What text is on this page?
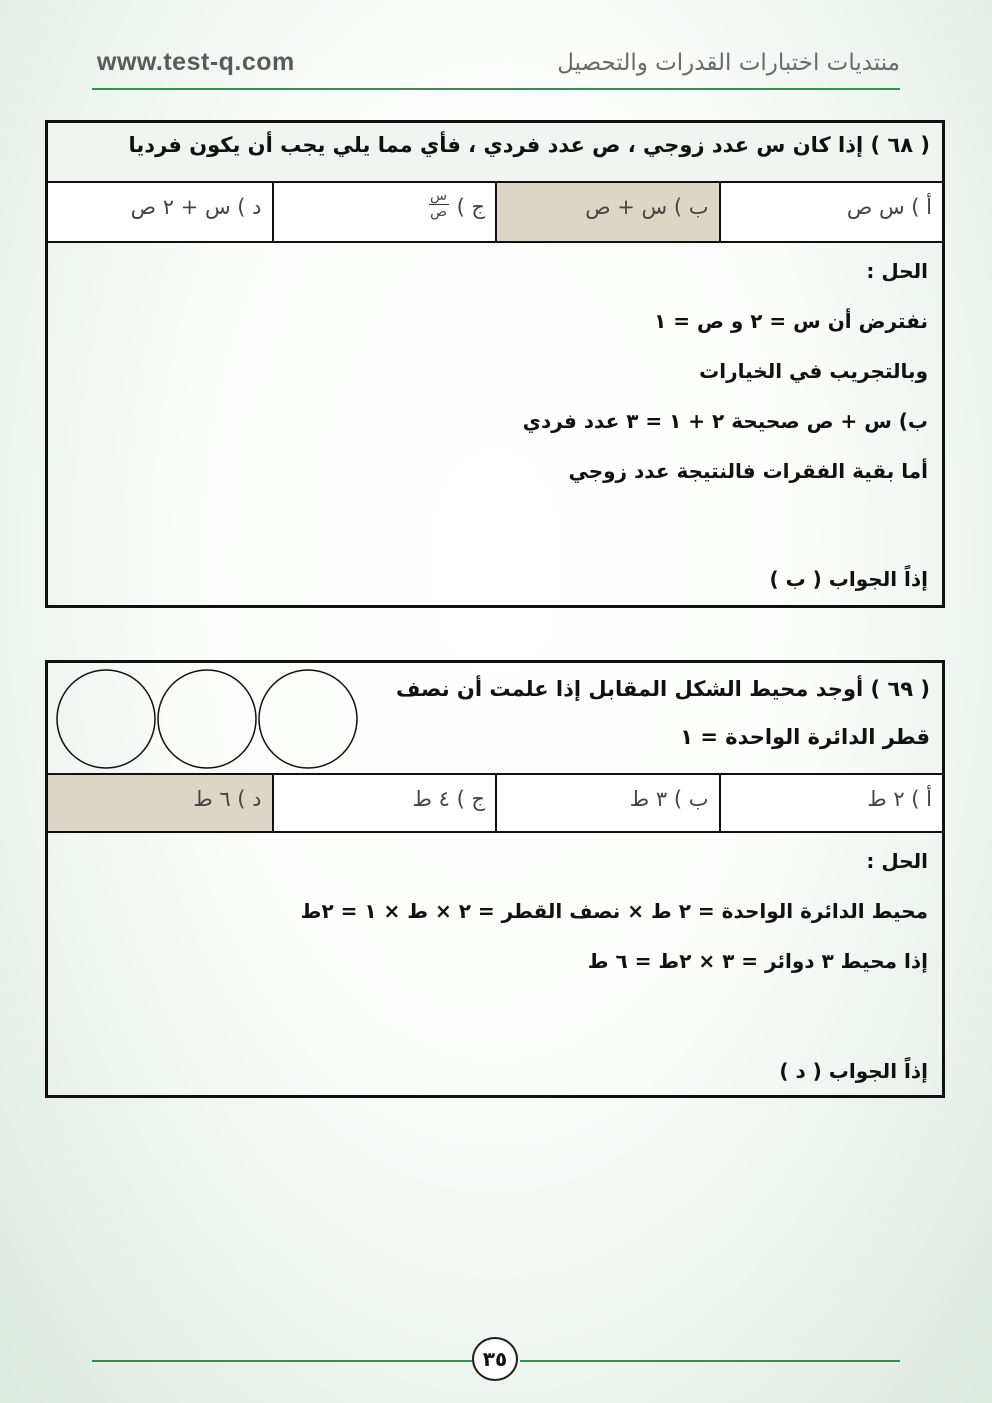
www.test-q.com	منتديات اختبارات القدرات والتحصيل
( ٦٨ ) إذا كان س عدد زوجي ، ص عدد فردي ، فأي مما يلي يجب أن يكون فرديا
أ ) س ص
ب ) س + ص
ج )
$\frac{\text{س}}{\text{ص}}$
د ) س + ٢ ص
الحل :
نفترض أن س = ٢ و ص = ١
وبالتجريب في الخيارات
ب) س + ص صحيحة ٢ + ١ = ٣ عدد فردي
أما بقية الفقرات فالنتيجة عدد زوجي
إذاً الجواب ( ب )
( ٦٩ ) أوجد محيط الشكل المقابل إذا علمت أن نصف
قطر الدائرة الواحدة = ١
أ ) ٢ ط
ب ) ٣ ط
ج ) ٤ ط
د ) ٦ ط
الحل :
محيط الدائرة الواحدة = ٢ ط × نصف القطر = ٢ × ط × ١ = ٢ط
إذا محيط ٣ دوائر = ٣ × ٢ط = ٦ ط
إذاً الجواب ( د )
٣٥
